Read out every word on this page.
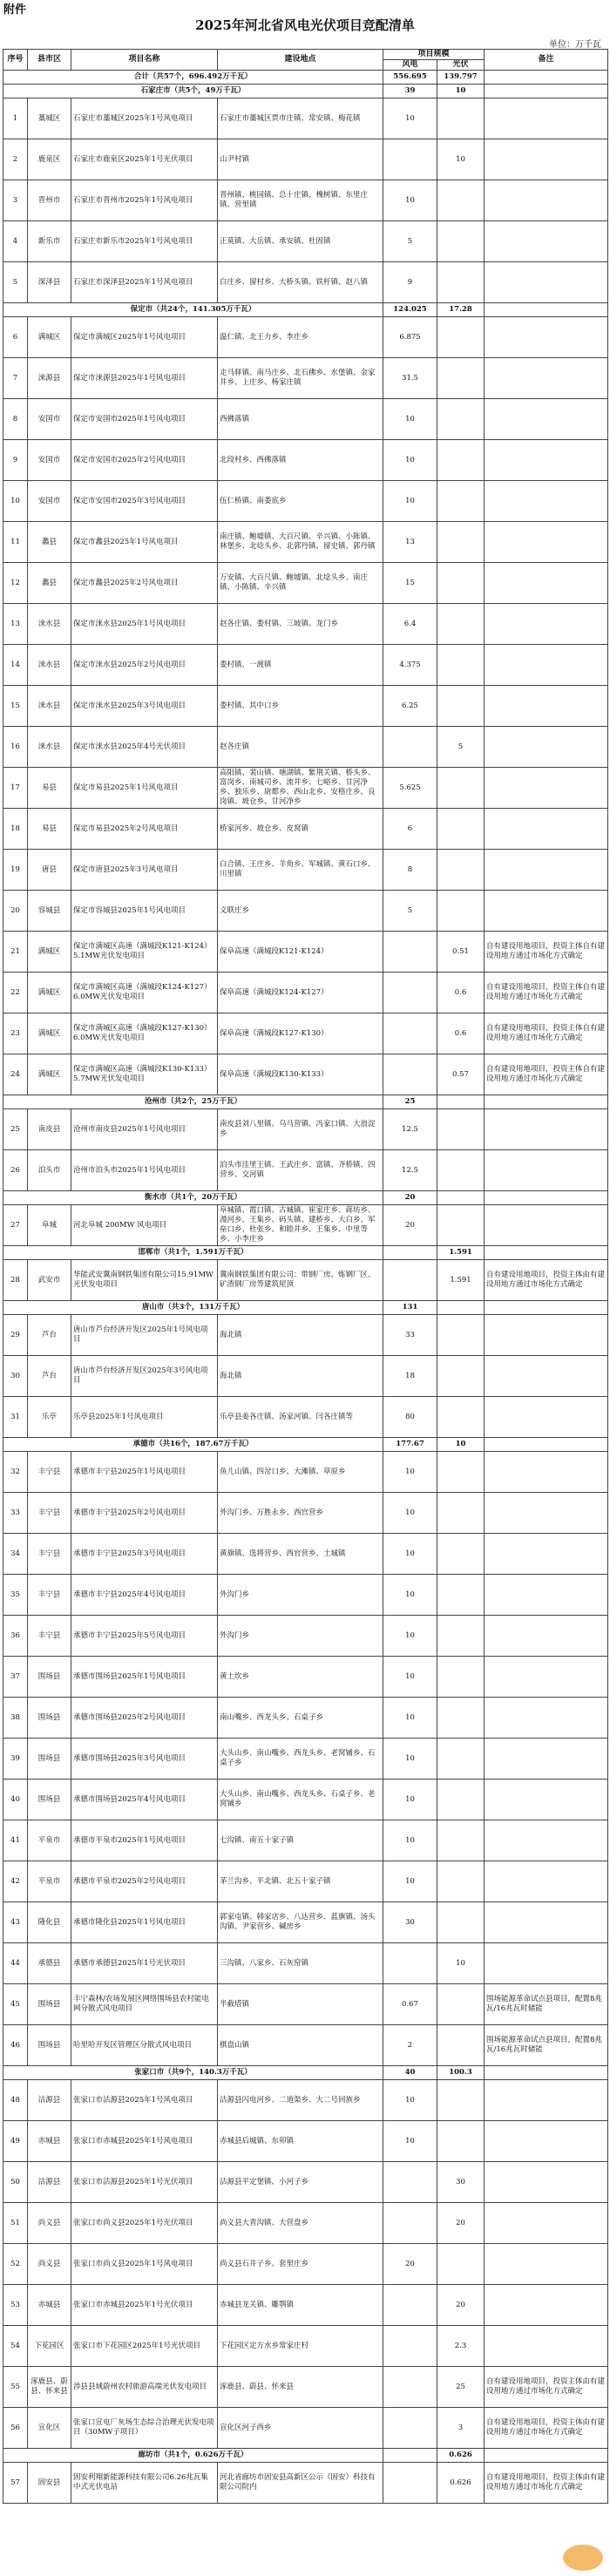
附件
2025年河北省风电光伏项目竞配清单
单位：万千瓦
序号	县市区	项目名称	建设地点	项目规模		备注
				风电	光伏	
合计（共57个，696.492万千瓦）				556.695	139.797	
石家庄市（共5个，49万千瓦）				39	10	
1	藁城区	石家庄市藁城区2025年1号风电项目	石家庄市藁城区贾市庄镇、常安镇、梅花镇	10		
2	鹿泉区	石家庄市鹿泉区2025年1号光伏项目	山尹村镇		10	
3	晋州市	石家庄市晋州市2025年1号风电项目	晋州镇、桃园镇、总十庄镇、槐树镇、东里庄镇、营里镇	10		
4	新乐市	石家庄市新乐市2025年1号风电项目	正莫镇、大岳镇、承安镇、杜固镇	5		
5	深泽县	石家庄市深泽县2025年1号风电项目	白庄乡、留村乡、大桥头镇、铁杆镇、赵八镇	9		
保定市（共24个，141.305万千瓦）				124.025	17.28	
6	满城区	保定市满城区2025年1号风电项目	温仁镇、北王力乡、李庄乡	6.875		
7	涞源县	保定市涞源县2025年1号风电项目	走马驿镇、南马庄乡、北石佛乡、水堡镇、金家井乡、上庄乡、杨家庄镇	31.5		
8	安国市	保定市安国市2025年1号风电项目	西佛落镇	10		
9	安国市	保定市安国市2025年2号风电项目	北段村乡、西佛落镇	10		
10	安国市	保定市安国市2025年3号风电项目	伍仁桥镇、南娄底乡	10		
11	蠡县	保定市蠡县2025年1号风电项目	南庄镇、鲍墟镇、大百尺镇、辛兴镇、小陈镇、林堡乡、北埝头乡、北郭丹镇、留史镇、郭丹镇	13		
12	蠡县	保定市蠡县2025年2号风电项目	万安镇、大百尺镇、鲍墟镇、北埝头乡、南庄镇、小陈镇、辛兴镇	15		
13	涞水县	保定市涞水县2025年1号风电项目	赵各庄镇、娄村镇、三坡镇、龙门乡	6.4		
14	涞水县	保定市涞水县2025年2号风电项目	娄村镇、一渡镇	4.375		
15	涞水县	保定市涞水县2025年3号风电项目	娄村镇、其中口乡	6.25		
16	涞水县	保定市涞水县2025年4号光伏项目	赵各庄镇		5	
17	易县	保定市易县2025年1号风电项目	高阳镇、裴山镇、塘湖镇、紫荆关镇、桥头乡、富岗乡、南城司乡、流井乡、七峪乡、甘河净乡、独乐乡、尉都乡、西山北乡、安格庄乡、良岗镇、坡仓乡、甘河净乡	5.625		
18	易县	保定市易县2025年2号风电项目	桥家河乡、坡仓乡、皮窝镇	6		
19	唐县	保定市唐县2025年3号风电项目	白合镇、王庄乡、羊角乡、军城镇、黄石口乡、川里镇	8		
20	容城县	保定市容城县2025年1号风电项目	义联庄乡	5		
21	满城区	保定市满城区高速（满城段K121-K124）5.1MW光伏发电项目	保阜高速（满城段K121-K124）		0.51	自有建设用地项目，投资主体自有建设用地方通过市场化方式确定
22	满城区	保定市满城区高速（满城段K124-K127）6.0MW光伏发电项目	保阜高速（满城段K124-K127）		0.6	自有建设用地项目，投资主体自有建设用地方通过市场化方式确定
23	满城区	保定市满城区高速（满城段K127-K130）6.0MW光伏发电项目	保阜高速（满城段K127-K130）		0.6	自有建设用地项目，投资主体自有建设用地方通过市场化方式确定
24	满城区	保定市满城区高速（满城段K130-K133）5.7MW光伏发电项目	保阜高速（满城段K130-K133）		0.57	自有建设用地项目，投资主体自有建设用地方通过市场化方式确定
沧州市（共2个，25万千瓦）				25		
25	南皮县	沧州市南皮县2025年1号风电项目	南皮县刘八里镇、乌马营镇、冯家口镇、大浪淀乡	12.5		
26	泊头市	沧州市泊头市2025年1号风电项目	泊头市洼里王镇、王武庄乡、富镇、齐桥镇、四营乡、交河镇	12.5		
衡水市（共1个，20万千瓦）				20		
27	阜城	河北阜城 200MW 风电项目	阜城镇、霞口镇、古城镇、崔家庄乡、蒋坊乡、漫河乡、王集乡、码头镇、建桥乡、大白乡、军垒口乡、杜张乡、和睦井乡、王集乡、中里等乡、小李庄乡	20		
邯郸市（共1个，1.591万千瓦）					1.591	
28	武安市	华能武安冀南钢铁集团有限公司15.91MW光伏发电项目	冀南钢铁集团有限公司：带钢厂房、炼钢厂区、矿渣钢厂房等建筑屋顶		1.591	自有建设用地项目，投资主体由有建设用地方通过市场化方式确定
唐山市（共3个，131万千瓦）				131		
29	芦台	唐山市芦台经济开发区2025年1号风电项目	海北镇	33		
30	芦台	唐山市芦台经济开发区2025年3号风电项目	海北镇	18		
31	乐亭	乐亭县2025年1号风电项目	乐亭县姜各庄镇、汤家河镇、闫各庄镇等	80		
承德市（共16个，187.67万千瓦）				177.67	10	
32	丰宁县	承德市丰宁县2025年1号风电项目	鱼儿山镇、四岔口乡、大滩镇、草原乡	10		
33	丰宁县	承德市丰宁县2025年2号风电项目	外沟门乡、万胜永乡、西官营乡	10		
34	丰宁县	承德市丰宁县2025年3号风电项目	黄旗镇、选将营乡、西官营乡、土城镇	10		
35	丰宁县	承德市丰宁县2025年4号风电项目	外沟门乡	10		
36	丰宁县	承德市丰宁县2025年5号风电项目	外沟门乡	10		
37	围场县	承德市围场县2025年1号风电项目	黄土坎乡	10		
38	围场县	承德市围场县2025年2号风电项目	南山嘴乡、西龙头乡、石桌子乡	10		
39	围场县	承德市围场县2025年3号风电项目	大头山乡、南山嘴乡、西龙头乡、老窝铺乡、石桌子乡	10		
40	围场县	承德市围场县2025年4号风电项目	大头山乡、南山嘴乡、西龙头乡、石桌子乡、老窝铺乡	10		
41	平泉市	承德市平泉市2025年1号风电项目	七沟镇、南五十家子镇	10		
42	平泉市	承德市平泉市2025年2号风电项目	茅兰沟乡、平北镇、北五十家子镇	10		
43	隆化县	承德市隆化县2025年1号风电项目	郭家屯镇、韩家店乡、八达营乡、蓝旗镇、汤头沟镇、尹家营乡、碱房乡	30		
44	承德县	承德市承德县2025年1号光伏项目	三沟镇、八家乡、石灰窑镇		10	
45	围场县	丰宁森林/农场发展区网络围场县农村能电网分散式风电项目	半截塔镇	0.67		围场能源革命试点县项目，配置8兆瓦/16兆瓦时储能
46	围场县	哈里哈开发区管理区分散式风电项目	棋盘山镇	2		围场能源革命试点县项目，配置8兆瓦/16兆瓦时储能
张家口市（共9个，140.3万千瓦）				40	100.3	
48	沽源县	张家口市沽源县2025年1号风电项目	沽源县闪电河乡、二道渠乡、大二号回族乡	10		
49	赤城县	张家口市赤城县2025年1号风电项目	赤城县后城镇、东卯镇	10		
50	沽源县	张家口市沽源县2025年1号光伏项目	沽源县平定堡镇、小河子乡		30	
51	尚义县	张家口市尚义县2025年1号光伏项目	尚义县大青沟镇、大营盘乡		20	
52	尚义县	张家口市尚义县2025年1号风电项目	尚义县石井子乡、套里庄乡	20		
53	赤城县	张家口市赤城县2025年1号光伏项目	赤城县龙关镇、雕鹗镇		20	
54	下花园区	张家口市下花园区2025年1号光伏项目	下花园区定方水乡常家庄村		2.3	
55	涿鹿县、蔚县、怀来县	涉县县域蔚州农村旅游高端光伏发电项目	涿鹿县、蔚县、怀来县		25	自有建设用地项目，投资主体由有建设用地方通过市场化方式确定
56	宣化区	张家口宣电厂灰场生态综合治理光伏发电项目（30MW子项目）	宣化区河子西乡		3	自有建设用地项目，投资主体由有建设用地方通过市场化方式确定
廊坊市（共1个，0.626万千瓦）					0.626	
57	固安县	固安利翔新能源科技有限公司6.26兆瓦集中式光伏电站	河北省廊坊市固安县高新区公示（固安）科技有限公司院内		0.626	自有建设用地项目，投资主体由有建设用地方通过市场化方式确定
